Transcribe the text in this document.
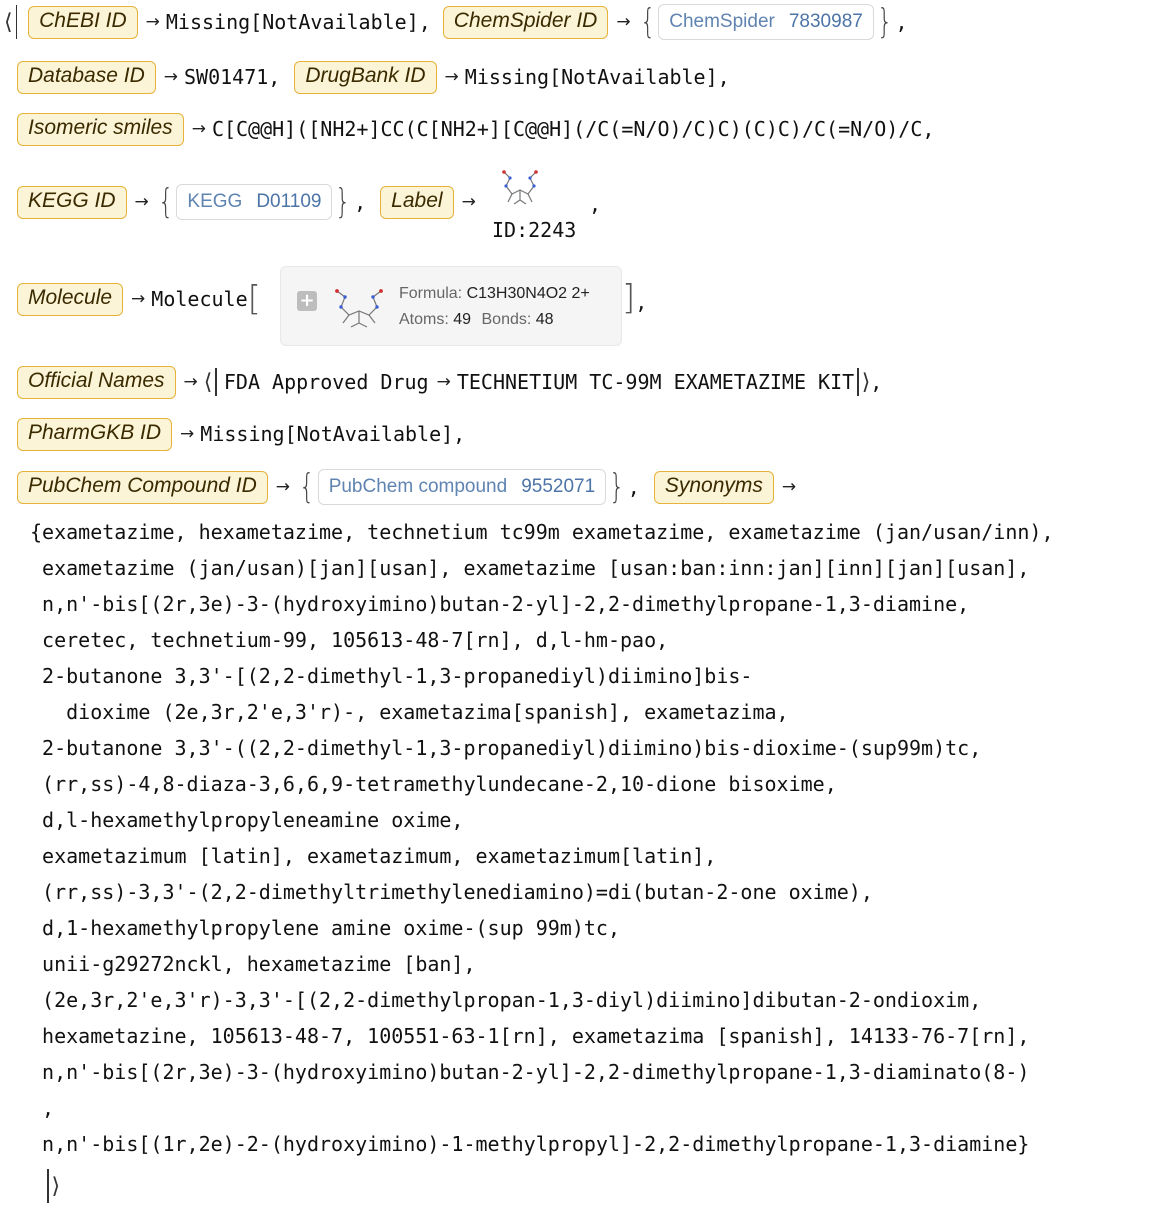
⟨	ChEBI ID	→ Missing[NotAvailable] ,	ChemSpider ID	→ { ChemSpider 7830987 } ,
Database ID	→ SW01471,	DrugBank ID	→ Missing[NotAvailable],
Isomeric smiles	→ C[C@@H]([NH2+]CC(C[NH2+][C@@H](/C(=N/O)/C)C)(C)C)/C(=N/O)/C,
KEGG ID	→ { KEGG D01109 } ,	Label	→	,
ID:2243
Molecule	→ Molecule [ +	Formula: C13H30N4O2 2+
Atoms: 49 Bonds: 48
],
Official Names	→ ⟨ FDA Approved Drug → TECHNETIUM TC-99M EXAMETAZIME KIT ⟩ ,
PharmGKB ID	→ Missing[NotAvailable],
PubChem Compound ID	→ { PubChem compound 9552071 } ,	Synonyms	→
{exametazime, hexametazime, technetium tc99m exametazime, exametazime (jan/usan/inn),
exametazime (jan/usan)[jan][usan], exametazime [usan:ban:inn:jan][inn][jan][usan],
n,n'-bis[(2r,3e)-3-(hydroxyimino)butan-2-yl]-2,2-dimethylpropane-1,3-diamine,
ceretec, technetium-99, 105613-48-7[rn], d,l-hm-pao,
2-butanone 3,3'-[(2,2-dimethyl-1,3-propanediyl)diimino]bis-
dioxime (2e,3r,2'e,3'r)-, exametazima[spanish], exametazima,
2-butanone 3,3'-((2,2-dimethyl-1,3-propanediyl)diimino)bis-dioxime-(sup99m)tc,
(rr,ss)-4,8-diaza-3,6,6,9-tetramethylundecane-2,10-dione bisoxime,
d,l-hexamethylpropyleneamine oxime,
exametazimum [latin], exametazimum, exametazimum[latin],
(rr,ss)-3,3'-(2,2-dimethyltrimethylenediamino)=di(butan-2-one oxime),
d,1-hexamethylpropylene amine oxime-(sup 99m)tc,
unii-g29272nckl, hexametazime [ban],
(2e,3r,2'e,3'r)-3,3'-[(2,2-dimethylpropan-1,3-diyl)diimino]dibutan-2-ondioxim,
hexametazine, 105613-48-7, 100551-63-1[rn], exametazima [spanish], 14133-76-7[rn],
n,n'-bis[(2r,3e)-3-(hydroxyimino)butan-2-yl]-2,2-dimethylpropane-1,3-diaminato(8-)
,
n,n'-bis[(1r,2e)-2-(hydroxyimino)-1-methylpropyl]-2,2-dimethylpropane-1,3-diamine}
⟩
